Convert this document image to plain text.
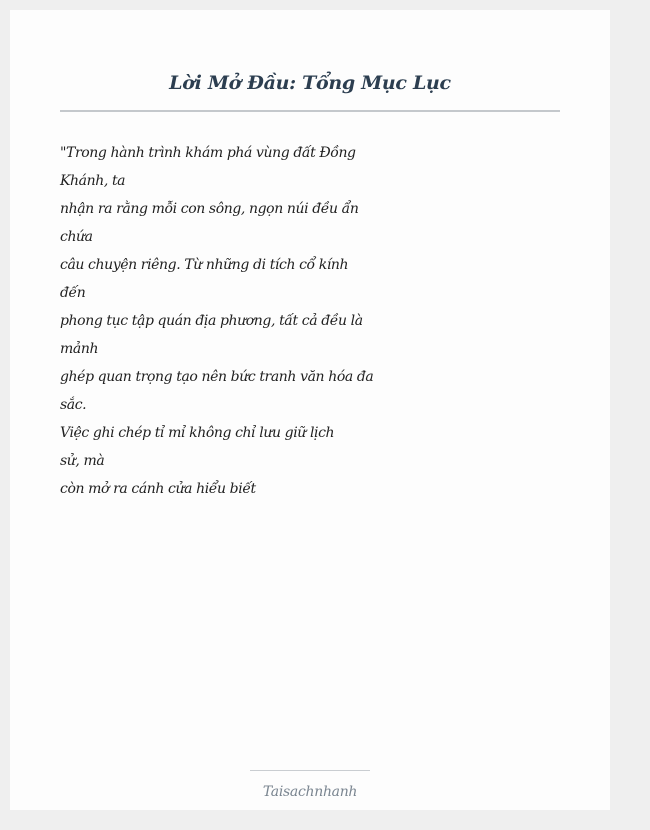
Lời Mở Đầu: Tổng Mục Lục
"Trong hành trình khám phá vùng đất Đồng
Khánh, ta
nhận ra rằng mỗi con sông, ngọn núi đều ẩn
chứa
câu chuyện riêng. Từ những di tích cổ kính
đến
phong tục tập quán địa phương, tất cả đều là
mảnh
ghép quan trọng tạo nên bức tranh văn hóa đa
sắc.
Việc ghi chép tỉ mỉ không chỉ lưu giữ lịch
sử, mà
còn mở ra cánh cửa hiểu biết
Taisachnhanh
